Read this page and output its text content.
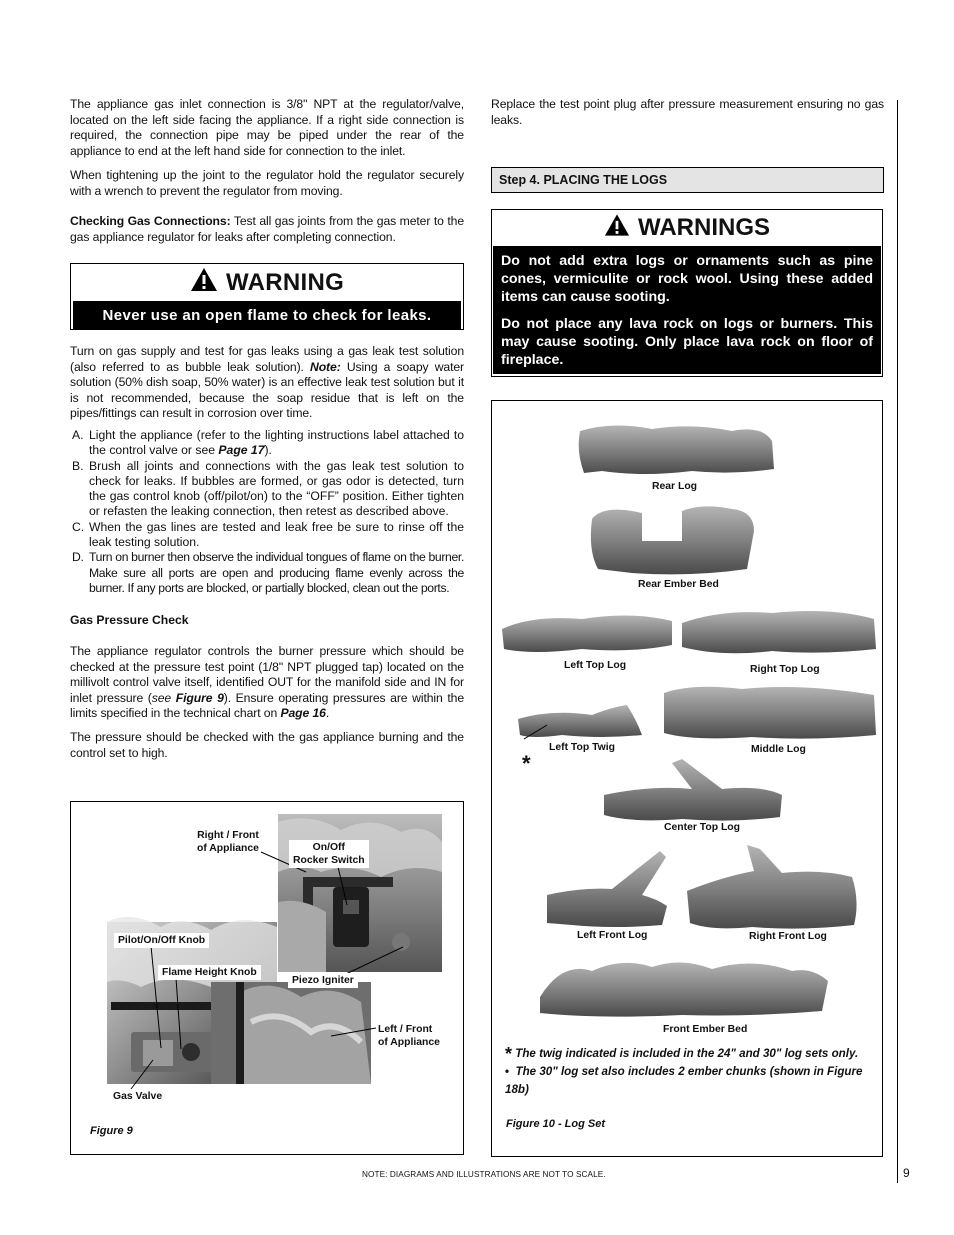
The appliance gas inlet connection is 3/8" NPT at the regulator/valve, located on the left side facing the appliance. If a right side connection is required, the connection pipe may be piped under the rear of the appliance to end at the left hand side for connection to the inlet.

When tightening up the joint to the regulator hold the regulator securely with a wrench to prevent the regulator from moving.

Checking Gas Connections: Test all gas joints from the gas meter to the gas appliance regulator for leaks after completing connection.

WARNING
Never use an open flame to check for leaks.

Turn on gas supply and test for gas leaks using a gas leak test solution (also referred to as bubble leak solution). Note: Using a soapy water solution (50% dish soap, 50% water) is an effective leak test solution but it is not recommended, because the soap residue that is left on the pipes/fittings can result in corrosion over time.

A. Light the appliance (refer to the lighting instructions label attached to the control valve or see Page 17).
B. Brush all joints and connections with the gas leak test solution to check for leaks. If bubbles are formed, or gas odor is detected, turn the gas control knob (off/pilot/on) to the “OFF” position. Either tighten or refasten the leaking connection, then retest as described above.
C. When the gas lines are tested and leak free be sure to rinse off the leak testing solution.
D. Turn on burner then observe the individual tongues of flame on the burner. Make sure all ports are open and producing flame evenly across the burner. If any ports are blocked, or partially blocked, clean out the ports.
Gas Pressure Check

The appliance regulator controls the burner pressure which should be checked at the pressure test point (1/8" NPT plugged tap) located on the millivolt control valve itself, identified OUT for the manifold side and IN for inlet pressure (see Figure 9). Ensure operating pressures are within the limits specified in the technical chart on Page 16.

The pressure should be checked with the gas appliance burning and the control set to high.

Right / Front
of Appliance	On/Off
Rocker Switch
Pilot/On/Off Knob
Flame Height Knob
Piezo Igniter
Left / Front
of Appliance
Gas Valve
Figure 9

Replace the test point plug after pressure measurement ensuring no gas leaks.

Step 4. PLACING THE LOGS
WARNINGS

Do not add extra logs or ornaments such as pine cones, vermiculite or rock wool. Using these added items can cause sooting.

Do not place any lava rock on logs or burners. This may cause sooting. Only place lava rock on floor of fireplace.

Rear Log
Rear Ember Bed
Left Top Log	Right Top Log
Left Top Twig	Middle Log
*
Center Top Log
Left Front Log	Right Front Log
Front Ember Bed
* The twig indicated is included in the 24" and 30" log sets only.
• The 30" log set also includes 2 ember chunks (shown in Figure 18b)
Figure 10 - Log Set
NOTE: DIAGRAMS AND ILLUSTRATIONS ARE NOT TO SCALE.	9
